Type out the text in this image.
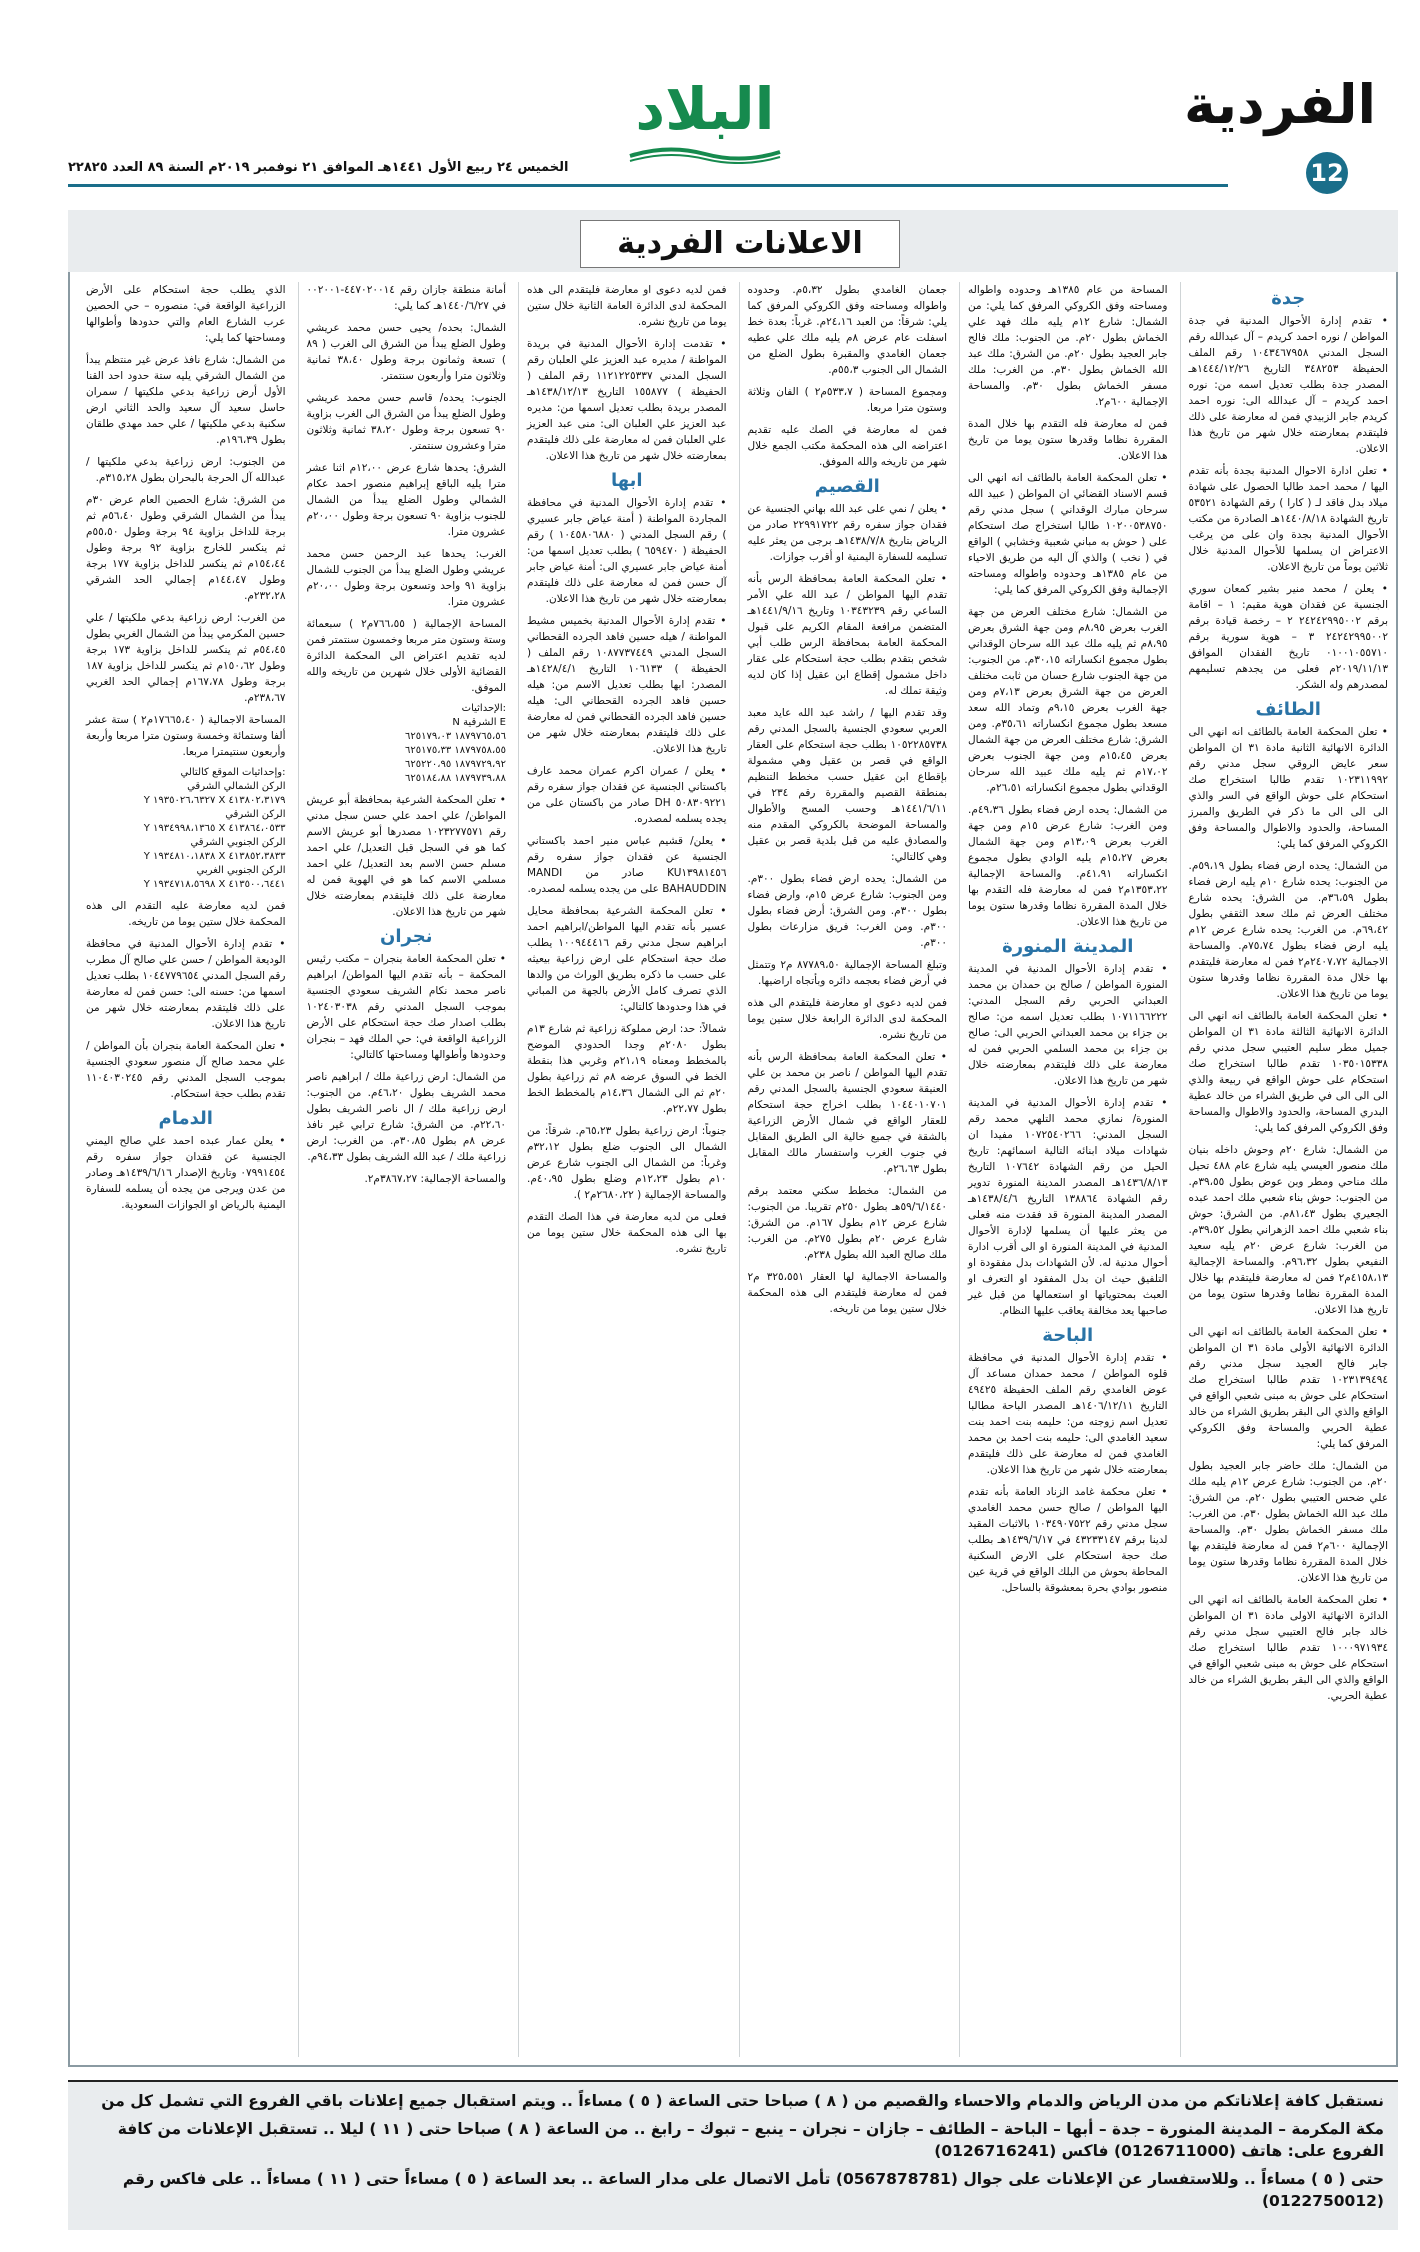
الفردية
12
البلاد
الخميس ٢٤ ربيع الأول ١٤٤١هـ الموافق ٢١ نوفمبر ٢٠١٩م السنة ٨٩ العدد ٢٢٨٢٥
الاعلانات الفردية
جدة

• تقدم إدارة الأحوال المدنية في جدة المواطن / نوره احمد كريدم – آل عبدالله رقم السجل المدني ١٠٤٣٤٦٧٩٥٨ رقم الملف الحفيظة ٣٤٨٢٥٣ التاريخ ١٤٤٤/١٢/٢٦هـ المصدر جدة بطلب تعديل اسمه من: نوره احمد كريدم – آل عبدالله الى: نوره احمد كريدم جابر الزبيدي فمن له معارضة على ذلك فليتقدم بمعارضته خلال شهر من تاريخ هذا الاعلان.

• تعلن ادارة الاحوال المدنية بجدة بأنه تقدم اليها / محمد احمد طالبا الحصول على شهادة ميلاد بدل فاقد لـ ( كارا ) رقم الشهادة ٥٣٥٢١ تاريخ الشهادة ١٤٤٠/٨/١٨هـ الصادرة من مكتب الأحوال المدنية بجدة وان على من يرغب الاعتراض ان يسلمها للأحوال المدنية خلال ثلاثين يوماً من تاريخ الاعلان.

• يعلن / محمد منير بشير كمعان سوري الجنسية عن فقدان هوية مقيم: ١ – اقامة برقم ٢٤٢٤٢٩٩٥٠٠٢ ٢ – رخصة قيادة برقم ٢٤٢٤٢٩٩٥٠٠٢ ٣ – هوية سورية برقم ٠١٠٠١٠٥٥٧١٠ تاريخ الفقدان الموافق ٢٠١٩/١١/١٣م فعلى من يجدهم تسليمهم لمصدرهم وله الشكر.

الطائف

• تعلن المحكمة العامة بالطائف انه انهي الى الدائرة الانهائية الثانية مادة ٣١ ان المواطن سعر عايض الروقي سجل مدني رقم ١٠٢٣١١٩٩٢ تقدم طالبا استخراج صك استحكام على حوش الواقع في السر والذي الى الى الى ما ذكر في الطريق والمبرز المساحة، والحدود والاطوال والمساحة وفق الكروكي المرفق كما يلي:

من الشمال: يحده ارض فضاء بطول ٥٩،١٩م. من الجنوب: يحده شارع ١٠م يليه ارض فضاء بطول ٣٦،٥٩م. من الشرق: يحده شارع مختلف العرض ثم ملك سعد الثقفي بطول ٦٩،٤٢م. من الغرب: يحده شارع عرض ١٢م يليه ارض فضاء بطول ٧٥،٧٤م. والمساحة الاجمالية ٢٤٠٧،٧٢م٢ فمن له معارضة فليتقدم بها خلال مدة المقررة نظاما وقدرها ستون يوما من تاريخ هذا الاعلان.

• تعلن المحكمة العامة بالطائف انه انهي الى الدائرة الانهائية الثالثة مادة ٣١ ان المواطن جميل مطر سليم العتيبي سجل مدني رقم ١٠٣٥٠١٥٣٣٨ تقدم طالبا استخراج صك استحكام على حوش الواقع في ربيعة والذي الى الى الى في طريق الشراء من خالد عطية البدري المساحة، والحدود والاطوال والمساحة وفق الكروكي المرفق كما يلي:

من الشمال: شارع ٢٠م وحوش داخله بنيان ملك منصور العيسي يليه شارع عام ٤٨٨ تحيل ملك مناحي ومطر وبن عوض بطول ٣٩،٥٥م. من الجنوب: حوش بناء شعبي ملك احمد عبده الجعيري بطول ٨١،٤٣م. من الشرق: حوش بناء شعبي ملك احمد الزهراني بطول ٣٩،٥٢م. من الغرب: شارع عرض ٢٠م يليه سعيد النفيعي بطول ٩٦،٣٢م. والمساحة الإجمالية ٤١٥٨،١٣م٢ فمن له معارضة فليتقدم بها خلال المدة المقررة نظاما وقدرها ستون يوما من تاريخ هذا الاعلان.

• تعلن المحكمة العامة بالطائف انه انهي الى الدائرة الانهائية الأولى مادة ٣١ ان المواطن جابر فالح العجيد سجل مدني رقم ١٠٢٣١٣٩٤٩٤ تقدم طالبا استخراج صك استحكام على حوش به مبنى شعبي الواقع في الواقع والذي الى البقر بطريق الشراء من خالد عطية الحربي والمساحة وفق الكروكي المرفق كما يلي:

من الشمال: ملك حاضر جابر العجيد بطول ٢٠م. من الجنوب: شارع عرض ١٢م يليه ملك علي ضحس العتيبي بطول ٢٠م. من الشرق: ملك عبد الله الخماش بطول ٣٠م. من الغرب: ملك مسفر الخماش بطول ٣٠م. والمساحة الإجمالية ٦٠٠م٢ فمن له معارضة فليتقدم بها خلال المدة المقررة نظاما وقدرها ستون يوما من تاريخ هذا الاعلان.

• تعلن المحكمة العامة بالطائف انه انهي الى الدائرة الانهائية الاولى مادة ٣١ ان المواطن خالد جابر فالح العتيبي سجل مدني رقم ١٠٠٠٩٧١٩٣٤ تقدم طالبا استخراج صك استحكام على حوش به مبنى شعبي الواقع في الواقع والذي الى البقر بطريق الشراء من خالد عطية الحربي.

المساحة من عام ١٣٨٥هـ وحدوده واطواله ومساحته وفق الكروكي المرفق كما يلي: من الشمال: شارع ١٢م يليه ملك فهد علي الخماش بطول ٢٠م. من الجنوب: ملك فالح جابر العجيد بطول ٢٠م. من الشرق: ملك عبد الله الخماش بطول ٣٠م. من الغرب: ملك مسفر الخماش بطول ٣٠م. والمساحة الإجمالية ٦٠٠م٢.

فمن له معارضة فله التقدم بها خلال المدة المقررة نظاما وقدرها ستون يوما من تاريخ هذا الاعلان.

• تعلن المحكمة العامة بالطائف انه انهي الى قسم الاسناد القضائي ان المواطن ( عبيد الله سرحان مبارك الوقداني ) سجل مدني رقم ١٠٢٠٠٥٣٨٧٥٠ طالبا استخراج صك استحكام على ( حوش به مباني شعبية وخشابي ) الواقع في ( نخب ) والذي آل اليه من طريق الاحياء من عام ١٣٨٥هـ وحدوده واطواله ومساحته الإجمالية وفق الكروكي المرفق كما يلي:

من الشمال: شارع مختلف العرض من جهة الغرب بعرض ٨،٩٥م ومن جهة الشرق بعرض ٨،٩٥م ثم يليه ملك عبد الله سرحان الوقداني بطول مجموع انكساراته ٣٠،١٥م. من الجنوب: من جهة الجنوب شارع حسان من ثابت مختلف العرض من جهة الشرق بعرض ٧،١٣م ومن جهة الغرب بعرض ٩،١٥م وتماد الله سعد مسعد بطول مجموع انكساراته ٣٥،٦١م. ومن الشرق: شارع مختلف العرض من جهة الشمال بعرض ١٥،٤٥م ومن جهة الجنوب بعرض ١٧،٠٢م ثم يليه ملك عبيد الله سرحان الوقداني بطول مجموع انكساراته ٢٦،٥١م.

من الشمال: يحده ارض فضاء بطول ٤٩،٣٦م. ومن الغرب: شارع عرض ١٥م ومن جهة الغرب بعرض ١٣،٠٩م ومن جهة الشمال بعرض ١٥،٢٧م يليه الوادي بطول مجموع انكساراته ٤١،٩١م. والمساحة الإجمالية ١٣٥٣،٢٢م٢ فمن له معارضة فله التقدم بها خلال المدة المقررة نظاما وقدرها ستون يوما من تاريخ هذا الاعلان.

المدينة المنورة

• تقدم إدارة الأحوال المدنية في المدينة المنورة المواطن / صالح بن حمدان بن محمد العبداني الحربي رقم السجل المدني: ١٠٧١١٦٦٢٢٢ بطلب تعديل اسمه من: صالح بن جزاء بن محمد العبداني الحربي الى: صالح بن جزاء بن محمد السلمي الحربي فمن له معارضة على ذلك فليتقدم بمعارضته خلال شهر من تاريخ هذا الاعلان.

• تقدم إدارة الأحوال المدنية في المدينة المنورة/ نمازي محمد التلهي محمد رقم السجل المدني: ١٠٧٢٥٤٠٢٦٦ مفيدا ان شهادات ميلاد ابنائه التالية اسمائهم: تاريخ الحيل من رقم الشهادة ١٠٧٦٤٢ التاريخ ١٤٣٦/٨/١٣هـ المصدر المدينة المنورة تدوير رقم الشهادة ١٣٨٨٦٤ التاريخ ١٤٣٨/٤/٦هـ المصدر المدينة المنورة قد فقدت منه فعلى من يعثر عليها أن يسلمها لإدارة الأحوال المدنية في المدينة المنورة او الى أقرب ادارة أحوال مدنية له. لأن الشهادات بدل مفقودة او التلفيق حيث ان بدل المفقود او التعرف او العبث بمحتوياتها او استعمالها من قبل غير صاحبها يعد مخالفة يعاقب عليها النظام.

الباحة

• تقدم إدارة الأحوال المدنية في محافظة قلوه المواطن / محمد حمدان مساعد آل عوض الغامدي رقم الملف الحفيظة ٤٩٤٢٥ التاريخ ١٤٠٦/١٢/١١هـ المصدر الباحة مطالبا تعديل اسم زوجته من: حليمه بنت احمد بنت سعيد الغامدي الى: حليمه بنت احمد بن محمد الغامدي فمن له معارضة على ذلك فليتقدم بمعارضته خلال شهر من تاريخ هذا الاعلان.

• تعلن محكمة غامد الزناد العامة بأنه تقدم اليها المواطن / صالح حسن محمد الغامدي سجل مدني رقم ١٠٣٤٩٠٧٥٢٢ بالاثبات المقيد لدينا برقم ٤٣٢٣٣١٤٧ في ١٤٣٩/٦/١٧هـ بطلب صك حجة استحكام على الارض السكنية المحاطة بحوش من البلك الواقع في قرية عين منصور بوادي بحرة بمعشوقة بالساحل.

جعمان الغامدي بطول ٥،٣٢م. وحدوده واطواله ومساحته وفق الكروكي المرفق كما يلي: شرقاً: من العبد ٢٤،١٦م. غرباً: بعدة خط اسفلت عام عرض ٨م يليه ملك علي عطيه جعمان الغامدي والمقبرة بطول الضلع من الشمال الى الجنوب ٥٥،٣م.

ومجموع المساحة ( ٥٣٣،٧م٢ ) الفان وثلاثة وستون مترا مربعا.

فمن له معارضة في الصك عليه تقديم اعتراضه الى هذه المحكمة مكتب الجمع خلال شهر من تاريخه والله الموفق.

القصيم

• يعلن / نمي على عبد الله بهاني الجنسية عن فقدان جواز سفره رقم ٢٢٩٩١٧٢٢ صادر من الرياض بتاريخ ١٤٣٨/٧/٨هـ برجى من يعثر عليه تسليمه للسفارة اليمنية او أقرب جوازات.

• تعلن المحكمة العامة بمحافظة الرس بأنه تقدم اليها المواطن / عبد الله علي الأمر الساعي رقم ١٠٣٤٣٢٣٩ وتاريخ ١٤٤١/٩/١٦هـ المتضمن مرافعة المقام الكريم على قبول المحكمة العامة بمحافظة الرس طلب أبي شخص بتقدم بطلب حجة استحكام على عقار داخل مشمول إقطاع ابن عقيل إذا كان لديه وثيقة تملك له.

وقد تقدم اليها / راشد عبد الله عايد معبد العربي سعودي الجنسية بالسجل المدني رقم ١٠٥٢٢٨٥٧٣٨ بطلب حجة استحكام على العقار الواقع في قصر بن عقيل وهي مشمولة بإقطاع ابن عقيل حسب مخطط التنظيم بمنطقة القصيم والمقررة رقم ٢٣٤ في ١٤٤١/٦/١١هـ وحسب المسح والأطوال والمساحة الموضحة بالكروكي المقدم منه والمصادق عليه من قبل بلدية قصر بن عقيل وهي كالتالي:

من الشمال: يحده ارض فضاء بطول ٣٠٠م. ومن الجنوب: شارع عرض ١٥م، وارض فضاء بطول ٣٠٠م. ومن الشرق: أرض فضاء بطول ٣٠٠م. ومن الغرب: فريق مزارعات بطول ٣٠٠م.

وتبلغ المساحة الإجمالية ٨٧٧٨٩،٥٠ م٢ وتتمثل في أرض فضاء بعجمه دائره وبأتجاه اراضيها.

فمن لديه دعوى او معارضة فليتقدم الى هذه المحكمة لدى الدائرة الرابعة خلال ستين يوما من تاريخ نشره.

• تعلن المحكمة العامة بمحافظة الرس بأنه تقدم اليها المواطن / ناصر بن محمد بن علي العنيقة سعودي الجنسية بالسجل المدني رقم ١٠٤٤٠١٠٧٠١ بطلب اخراج حجة استحكام للعقار الواقع في شمال الأرض الزراعية بالشقة في جميع خالية الى الطريق المقابل في جنوب الغرب واستفسار مالك المقابل بطول ٢٦،٦٣م.

من الشمال: مخطط سكني معتمد برقم ٥٩/٦/١٤٤٠هـ بطول ٢٥٠م تقريبا. من الجنوب: شارع عرض ١٢م بطول ١٦٧م. من الشرق: شارع عرض ٢٠م بطول ٢٧٥م. من الغرب: ملك صالح العبد الله بطول ٢٣٨م.

والمساحة الاجمالية لها العقار ٣٢٥،٥٥١ م٢ فمن له معارضة فليتقدم الى هذه المحكمة خلال ستين يوما من تاريخه.

فمن لديه دعوى او معارضة فليتقدم الى هذه المحكمة لدى الدائرة العامة الثانية خلال ستين يوما من تاريخ نشره.

• تقدمت إدارة الأحوال المدنية في بريدة المواطنة / مديره عبد العزيز علي العلبان رقم السجل المدني ١١٢١٢٢٥٣٣٧ رقم الملف ( الحفيظة ) ١٥٥٨٧٧ التاريخ ١٤٣٨/١٢/١٣هـ المصدر بريدة بطلب تعديل اسمها من: مديره عبد العزيز علي العلبان الى: منى عبد العزيز علي العلبان فمن له معارضة على ذلك فليتقدم بمعارضته خلال شهر من تاريخ هذا الاعلان.

ابها

• تقدم إدارة الأحوال المدنية في محافظة المجاردة المواطنة ( أمنة عياض جابر عسيري ) رقم السجل المدني ( ١٠٤٥٨٠٦٨٨٠ ) رقم الحفيظة ( ٦٥٩٤٧٠ ) بطلب تعديل اسمها من: أمنة عياض جابر عسيري الى: أمنة عياض جابر آل حسن فمن له معارضة على ذلك فليتقدم بمعارضته خلال شهر من تاريخ هذا الاعلان.

• تقدم إدارة الأحوال المدنية بخميس مشيط المواطنة / هيله حسين فاهد الجرده القحطاني السجل المدني ١٠٨٧٧٣٧٤٤٩ رقم الملف ( الحفيظة ) ١٠٦١٣٣ التاريخ ١٤٢٨/٤/١هـ المصدر: ابها بطلب تعديل الاسم من: هيله حسين فاهد الجرده القحطاني الى: هيله حسين فاهد الجرده القحطاني فمن له معارضة على ذلك فليتقدم بمعارضته خلال شهر من تاريخ هذا الاعلان.

• يعلن / عمران اكرم عمران محمد عارف باكستاني الجنسية عن فقدان جواز سفره رقم ٥٠٨٣٠٩٢٢١ DH صادر من باكستان على من يجده يسلمه لمصدره.

• يعلن/ قشيم عباس منير احمد باكستاني الجنسية عن فقدان جواز سفره رقم KU١٣٩٨١٤٥٦ صادر من MANDI BAHAUDDIN على من يجده يسلمه لمصدره.

• تعلن المحكمة الشرعية بمحافظة محايل عسير بأنه تقدم اليها المواطن/ابراهيم احمد ابراهيم سجل مدني رقم ١٠٠٩٤٤٤١٦ يطلب صك حجة استحكام على ارض زراعية بيعيثه على حسب ما ذكره بطريق الوراث من والدها الذي تصرف كامل الأرض بالجهة من المباني في هذا وحدودها كالتالي:

شمالاً: حد: ارض مملوكة زراعية ثم شارع ١٣م بطول ٢٠٨٠م وجدا الحدودي الموضح بالمخطط ومعناه ٢١،١٩م وغربي هذا بنقطة الخط في السوق عرضه ٨م ثم زراعية بطول ٢٠م ثم الى الشمال ١٤،٣٦م بالمخطط الخط بطول ٢٢،٧٧م.

جنوباً: ارض زراعية بطول ٦٥،٢٣م. شرقاً: من الشمال الى الجنوب ضلع بطول ٣٢،١٢م وغرباً: من الشمال الى الجنوب شارع عرض ١٠م بطول ١٢،٢٣م وضلع بطول ٤٠،٩٥م. والمساحة الإجمالية ( ٢٦٨٠،٢٢م٢ ).

فعلى من لديه معارضة في هذا الصك التقدم بها الى هذه المحكمة خلال ستين يوما من تاريخ نشره.

أمانة منطقة جازان رقم ٤٤٧٠٢٠٠١٤-٠٠٢٠٠١ في ١٤٤٠/٦/٢٧هـ كما يلي:

الشمال: بحده/ يحيى حسن محمد عريشي وطول الضلع يبدأ من الشرق الى الغرب ( ٨٩ ) تسعة وثمانون برجة وطول ٣٨،٤٠ ثمانية وثلاثون مترا وأربعون سنتمتر.

الجنوب: يحده/ قاسم حسن محمد عريشي وطول الضلع يبدأ من الشرق الى الغرب بزاوية ٩٠ تسعون برجة وطول ٣٨،٢٠ ثمانية وثلاثون مترا وعشرون سنتمتر.

الشرق: يحدها شارع عرض ١٢،٠٠م اثنا عشر مترا يليه الباقع إبراهيم منصور احمد عكام الشمالي وطول الضلع يبدأ من الشمال للجنوب بزاوية ٩٠ تسعون برجة وطول ٢٠،٠٠م عشرون مترا.

الغرب: يحدها عبد الرحمن حسن محمد عريشي وطول الضلع يبدأ من الجنوب للشمال بزاوية ٩١ واحد وتسعون برجة وطول ٢٠،٠٠م عشرون مترا.

المساحة الإجمالية ( ٧٦٦،٥٥م٢ ) سبعمائة وستة وستون متر مربعا وخمسون سنتمتر فمن لديه تقديم اعتراض الى المحكمة الدائرة القضائية الأولى خلال شهرين من تاريخه والله الموفق.

الإحداثيات:
N الشرقية E
١٨٧٩٧٦٥،٥٦ ٦٢٥١٧٩،٠٣
١٨٧٩٧٥٨،٥٥ ٦٢٥١٧٥،٣٣
١٨٧٩٧٢٩،٩٢ ٦٢٥٢٢٠،٩٥
١٨٧٩٧٣٩،٨٨ ٦٢٥١٨٤،٨٨

• تعلن المحكمة الشرعية بمحافظة أبو عريش المواطن/ علي احمد علي حسن سجل مدني رقم ١٠٢٣٢٧٧٥٧١ مصدرها أبو عريش الاسم كما هو في السجل قبل التعديل/ علي احمد مسلم حسن الاسم بعد التعديل/ علي احمد مسلمي الاسم كما هو في الهوية فمن له معارضة على ذلك فليتقدم بمعارضته خلال شهر من تاريخ هذا الاعلان.

نجران

• تعلن المحكمة العامة بنجران – مكتب رئيس المحكمة – بأنه تقدم اليها المواطن/ ابراهيم ناصر محمد نكام الشريف سعودي الجنسية بموجب السجل المدني رقم ١٠٢٤٠٣٠٣٨ بطلب اصدار صك حجة استحكام على الأرض الزراعية الواقعة في: حي الملك فهد – بنجران وحدودها وأطوالها ومساحتها كالتالي:

من الشمال: ارض زراعية ملك / ابراهيم ناصر محمد الشريف بطول ٤٦،٢٠م. من الجنوب: ارض زراعية ملك / ال ناصر الشريف بطول ٢٢،٦٠م. من الشرق: شارع ترابي غير نافذ عرض ٨م بطول ٣٠،٨٥م. من الغرب: ارض زراعية ملك / عبد الله الشريف بطول ٩٤،٣٣م.

والمساحة الإجمالية: ٣٨٦٧،٢٧م٢.

الذي يطلب حجة استحكام على الأرض الزراعية الواقعة في: منصوره – حي الحصين عرب الشارع العام والتي حدودها وأطوالها ومساحتها كما يلي:

من الشمال: شارع نافذ عرض غير منتظم يبدأ من الشمال الشرقي يليه ستة حدود احد القنا الأول أرض زراعية بدعي ملكيتها / سمران حاسل سعيد آل سعيد والحد الثاني ارض سكنية بدعي ملكيتها / علي حمد مهدي طلقان بطول ١٩٦،٣٩م.

من الجنوب: ارض زراعية بدعي ملكيتها / عبدالله آل الحرجة بالبحران بطول ٣١٥،٢٨م.

من الشرق: شارع الحصين العام عرض ٣٠م يبدأ من الشمال الشرقي وطول ٥٦،٤٠م ثم برجة للداخل بزاوية ٩٤ برجة وطول ٥٥،٥٠م ثم ينكسر للخارج بزاوية ٩٢ برجة وطول ١٥٤،٤٤م ثم ينكسر للداخل بزاوية ١٧٧ برجة وطول ١٤٤،٤٧م إجمالي الحد الشرقي ٢٣٢،٢٨م.

من الغرب: ارض زراعية بدعي ملكيتها / علي حسين المكرمي يبدأ من الشمال الغربي بطول ٥٤،٤٥م ثم ينكسر للداخل بزاوية ١٧٣ برجة وطول ١٥٠،٦٢م ثم ينكسر للداخل بزاوية ١٨٧ برجة وطول ١٦٧،٧٨م إجمالي الحد الغربي ٢٣٨،٦٧م.

المساحة الاجمالية ( ١٧٦٦٥،٤٠م٢ ) ستة عشر ألفا وستمائة وخمسة وستون مترا مربعا وأربعة وأربعون سنتيمترا مربعا.

وإحداثيات الموقع كالتالي:
الركن الشمالي الشرقي
Y ١٩٣٥٠٢٦،٦٣٢٧ X ٤١٣٨٠٢،٣١٧٩
الركن الشرقي
Y ١٩٣٤٩٩٨،١٣٦٥ X ٤١٣٨٦٤،٠٥٣٣
الركن الجنوبي الشرقي
Y ١٩٣٤٨١٠،١٨٣٨ X ٤١٣٨٥٢،٣٨٣٣
الركن الجنوبي الغربي
Y ١٩٣٤٧١٨،٥٦٩٨ X ٤١٣٥٠٠،٦٤٤١

فمن لديه معارضة عليه التقدم الى هذه المحكمة خلال ستين يوما من تاريخه.

• تقدم إدارة الأحوال المدنية في محافظة الوديعة المواطن / حسن علي صالح آل مطرب رقم السجل المدني ١٠٤٤٧٧٩٦٥٤ بطلب تعديل اسمها من: حسنه الى: حسن فمن له معارضة على ذلك فليتقدم بمعارضته خلال شهر من تاريخ هذا الاعلان.

• تعلن المحكمة العامة بنجران بأن المواطن / علي محمد صالح آل منصور سعودي الجنسية بموجب السجل المدني رقم ١١٠٤٠٣٠٢٤٥ تقدم بطلب حجة استحكام.

الدمام

• يعلن عمار عبده احمد علي صالح اليمني الجنسية عن فقدان جواز سفره رقم ٠٧٩٩١٤٥٤ وتاريخ الإصدار ١٤٣٩/٦/١٦هـ وصادر من عدن ويرجى من يجده أن يسلمه للسفارة اليمنية بالرياض او الجوازات السعودية.

نستقبل كافة إعلاناتكم من مدن الرياض والدمام والاحساء والقصيم من ( ٨ ) صباحا حتى الساعة ( ٥ ) مساءاً .. ويتم استقبال جميع إعلانات باقي الفروع التي تشمل كل من

مكة المكرمة – المدينة المنورة – جدة – أبها – الباحة – الطائف – جازان – نجران – ينبع – تبوك – رابغ .. من الساعة ( ٨ ) صباحا حتى ( ١١ ) ليلا .. تستقبل الإعلانات من كافة الفروع على: هاتف (0126711000) فاكس (0126716241)

حتى ( ٥ ) مساءاً .. وللاستفسار عن الإعلانات على جوال (0567878781) تأمل الاتصال على مدار الساعة .. بعد الساعة ( ٥ ) مساءاً حتى ( ١١ ) مساءاً .. على فاكس رقم (0122750012)
